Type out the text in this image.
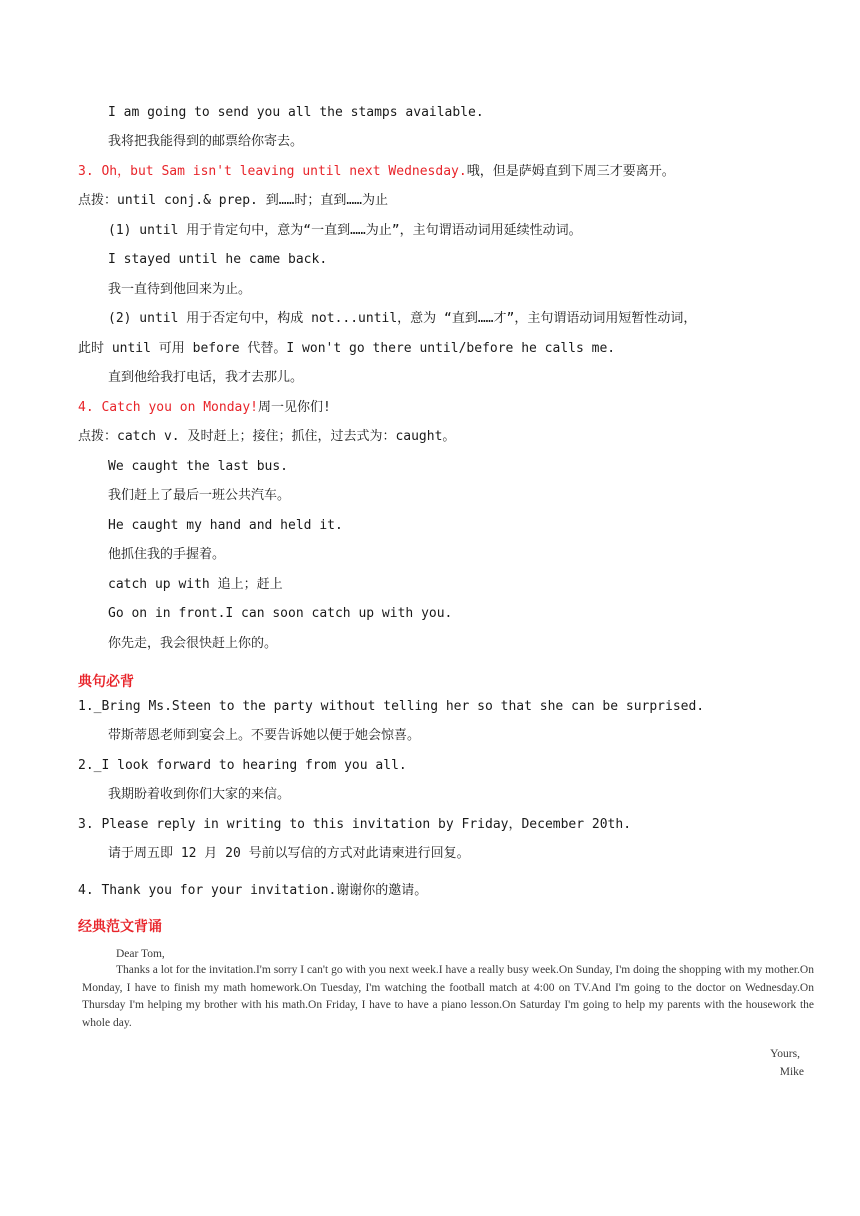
I am going to send you all the stamps available.
我将把我能得到的邮票给你寄去。
3. Oh，but Sam isn't leaving until next Wednesday.哦，但是萨姆直到下周三才要离开。
点拨：until conj.& prep. 到……时；直到……为止
(1) until 用于肯定句中，意为“一直到……为止”，主句谓语动词用延续性动词。
I stayed until he came back.
我一直待到他回来为止。
(2) until 用于否定句中，构成 not...until，意为 “直到……才”，主句谓语动词用短暂性动词，
此时 until 可用 before 代替。I won't go there until/before he calls me.
直到他给我打电话，我才去那儿。
4. Catch you on Monday!周一见你们!
点拨：catch v. 及时赶上；接住；抓住，过去式为：caught。
We caught the last bus.
我们赶上了最后一班公共汽车。
He caught my hand and held it.
他抓住我的手握着。
catch up with 追上；赶上
Go on in front.I can soon catch up with you.
你先走，我会很快赶上你的。
典句必背
1._Bring Ms.Steen to the party without telling her so that she can be surprised.
带斯蒂恩老师到宴会上。不要告诉她以便于她会惊喜。
2._I look forward to hearing from you all.
我期盼着收到你们大家的来信。
3. Please reply in writing to this invitation by Friday，December 20th.
请于周五即 12 月 20 号前以写信的方式对此请柬进行回复。
4. Thank you for your invitation.谢谢你的邀请。
经典范文背诵
Dear Tom,
Thanks a lot for the invitation.I'm sorry I can't go with you next week.I have a really busy week.On Sunday, I'm doing the shopping with my mother.On Monday, I have to finish my math homework.On Tuesday, I'm watching the football match at 4:00 on TV.And I'm going to the doctor on Wednesday.On Thursday I'm helping my brother with his math.On Friday, I have to have a piano lesson.On Saturday I'm going to help my parents with the housework the whole day.
Yours,
Mike
